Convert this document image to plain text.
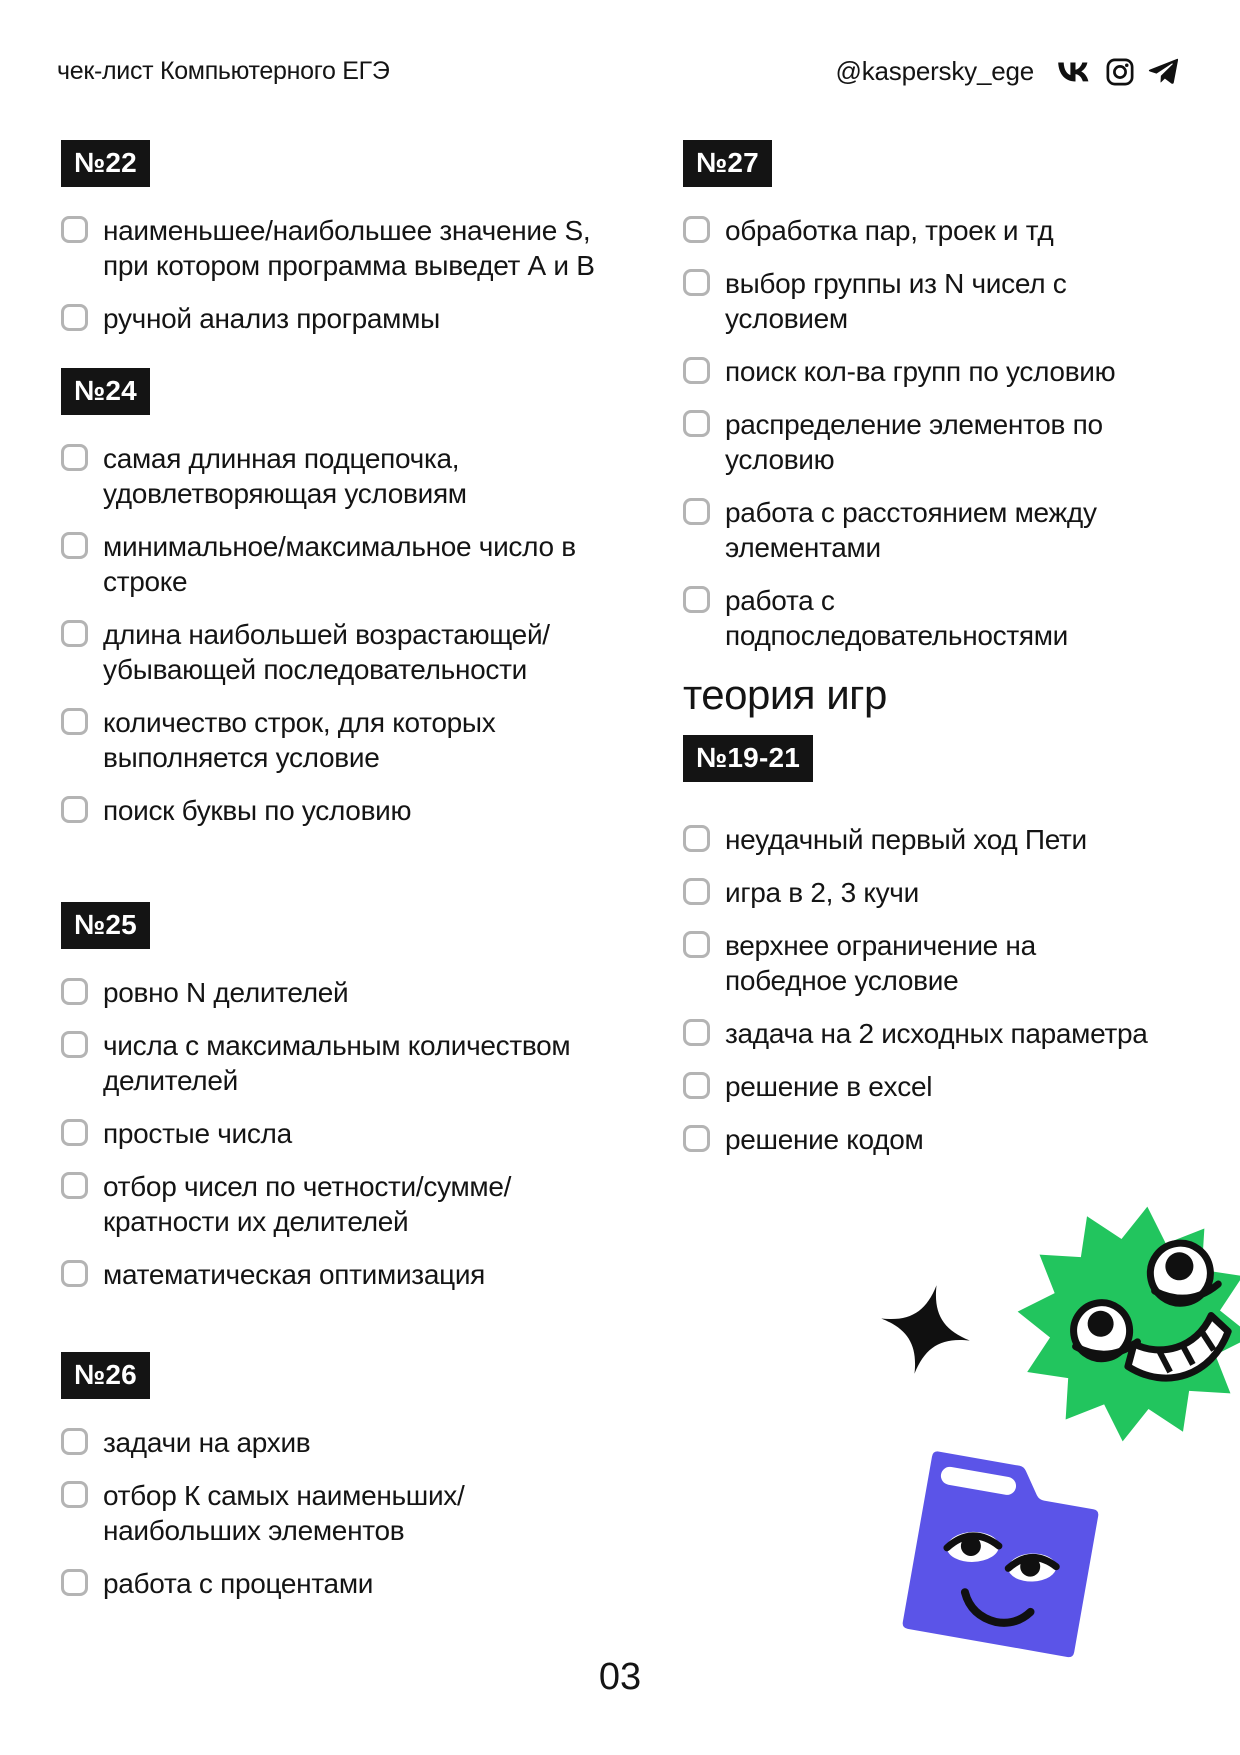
чек-лист Компьютерного ЕГЭ	@kaspersky_ege
№22
наименьшее/наибольшее значение S,
при котором программа выведет А и В
ручной анализ программы
№24
самая длинная подцепочка,
удовлетворяющая условиям
минимальное/максимальное число в
строке
длина наибольшей возрастающей/
убывающей последовательности
количество строк, для которых
выполняется условие
поиск буквы по условию
№25
ровно N делителей
числа с максимальным количеством
делителей
простые числа
отбор чисел по четности/сумме/
кратности их делителей
математическая оптимизация
№26
задачи на архив
отбор К самых наименьших/
наибольших элементов
работа с процентами
№27
обработка пар, троек и тд
выбор группы из N чисел с
условием
поиск кол-ва групп по условию
распределение элементов по
условию
работа с расстоянием между
элементами
работа с
подпоследовательностями
теория игр
№19-21
неудачный первый ход Пети
игра в 2, 3 кучи
верхнее ограничение на
победное условие
задача на 2 исходных параметра
решение в excel
решение кодом
03
